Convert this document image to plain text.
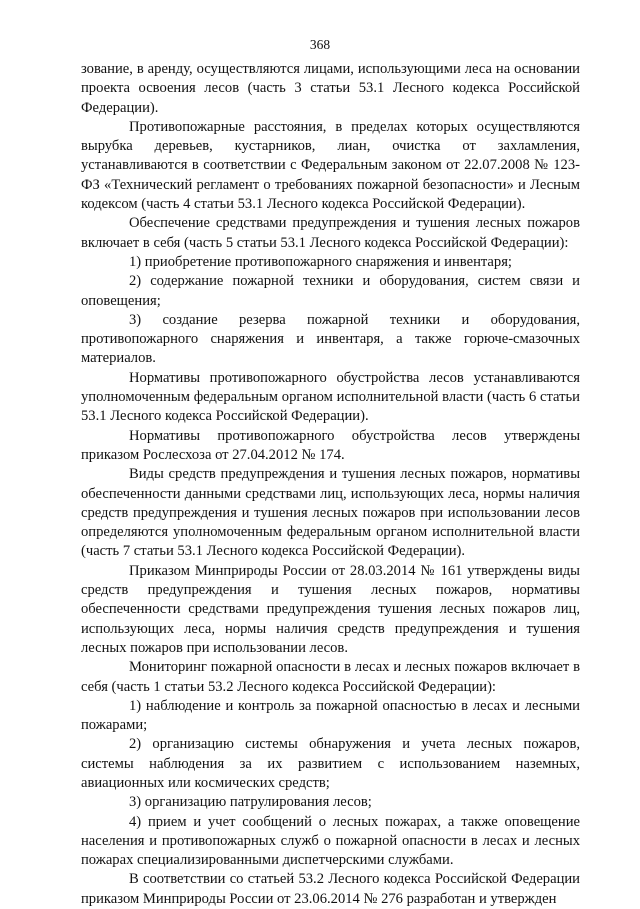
368

зование, в аренду, осуществляются лицами, использующими леса на основании проекта освоения лесов (часть 3 статьи 53.1 Лесного кодекса Российской Федерации).

Противопожарные расстояния, в пределах которых осуществляются вырубка деревьев, кустарников, лиан, очистка от захламления, устанавливаются в соответствии с Федеральным законом от 22.07.2008 № 123-ФЗ «Технический регламент о требованиях пожарной безопасности» и Лесным кодексом (часть 4 статьи 53.1 Лесного кодекса Российской Федерации).

Обеспечение средствами предупреждения и тушения лесных пожаров включает в себя (часть 5 статьи 53.1 Лесного кодекса Российской Федерации):

1) приобретение противопожарного снаряжения и инвентаря;

2) содержание пожарной техники и оборудования, систем связи и оповещения;

3) создание резерва пожарной техники и оборудования, противопожарного снаряжения и инвентаря, а также горюче-смазочных материалов.

Нормативы противопожарного обустройства лесов устанавливаются уполномоченным федеральным органом исполнительной власти (часть 6 статьи 53.1 Лесного кодекса Российской Федерации).

Нормативы противопожарного обустройства лесов утверждены приказом Рослесхоза от 27.04.2012 № 174.

Виды средств предупреждения и тушения лесных пожаров, нормативы обеспеченности данными средствами лиц, использующих леса, нормы наличия средств предупреждения и тушения лесных пожаров при использовании лесов определяются уполномоченным федеральным органом исполнительной власти (часть 7 статьи 53.1 Лесного кодекса Российской Федерации).

Приказом Минприроды России от 28.03.2014 № 161 утверждены виды средств предупреждения и тушения лесных пожаров, нормативы обеспеченности средствами предупреждения тушения лесных пожаров лиц, использующих леса, нормы наличия средств предупреждения и тушения лесных пожаров при использовании лесов.

Мониторинг пожарной опасности в лесах и лесных пожаров включает в себя (часть 1 статьи 53.2 Лесного кодекса Российской Федерации):

1) наблюдение и контроль за пожарной опасностью в лесах и лесными пожарами;

2) организацию системы обнаружения и учета лесных пожаров, системы наблюдения за их развитием с использованием наземных, авиационных или космических средств;

3) организацию патрулирования лесов;

4) прием и учет сообщений о лесных пожарах, а также оповещение населения и противопожарных служб о пожарной опасности в лесах и лесных пожарах специализированными диспетчерскими службами.

В соответствии со статьей 53.2 Лесного кодекса Российской Федерации приказом Минприроды России от 23.06.2014 № 276 разработан и утвержден
